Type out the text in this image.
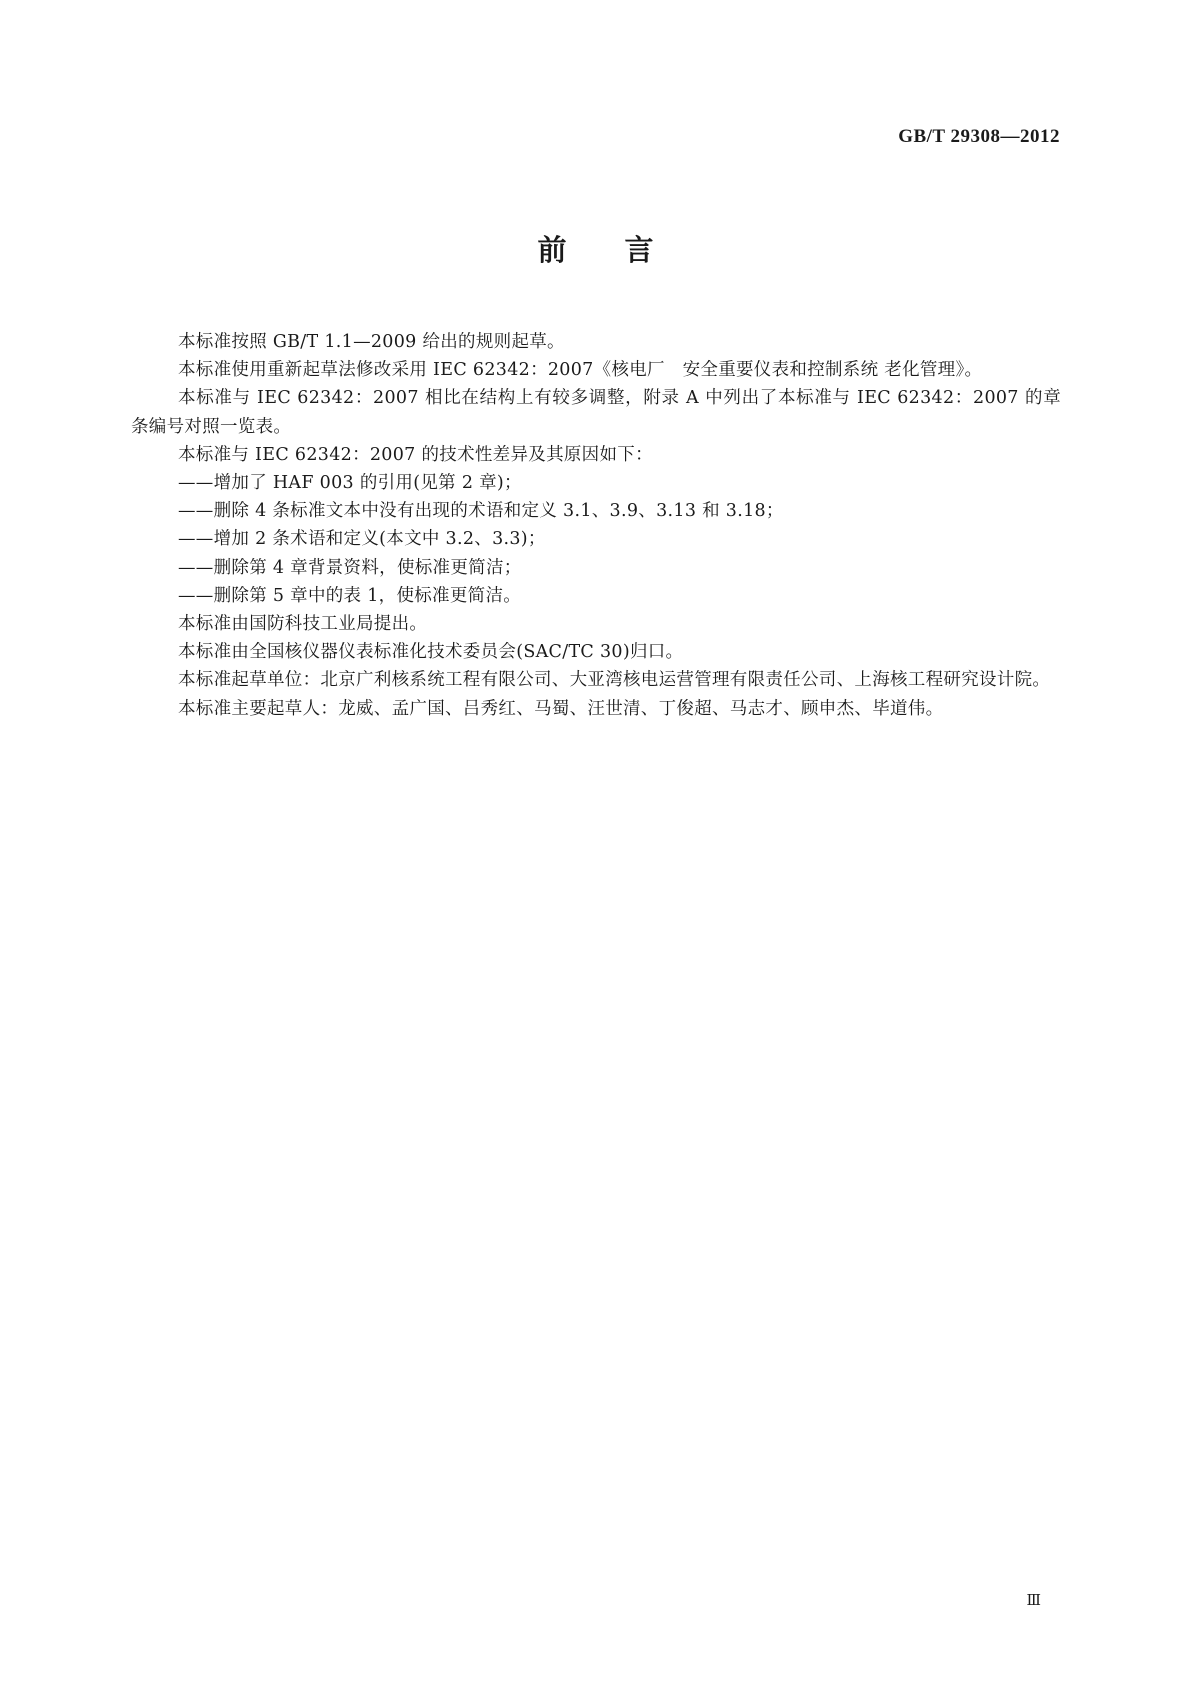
GB/T 29308—2012

前言

本标准按照 GB/T 1.1—2009 给出的规则起草。

本标准使用重新起草法修改采用 IEC 62342：2007《核电厂　安全重要仪表和控制系统 老化管理》。

本标准与 IEC 62342：2007 相比在结构上有较多调整，附录 A 中列出了本标准与 IEC 62342：2007 的章条编号对照一览表。

本标准与 IEC 62342：2007 的技术性差异及其原因如下：

——增加了 HAF 003 的引用(见第 2 章)；

——删除 4 条标准文本中没有出现的术语和定义 3.1、3.9、3.13 和 3.18；

——增加 2 条术语和定义(本文中 3.2、3.3)；

——删除第 4 章背景资料，使标准更简洁；

——删除第 5 章中的表 1，使标准更简洁。

本标准由国防科技工业局提出。

本标准由全国核仪器仪表标准化技术委员会(SAC/TC 30)归口。

本标准起草单位：北京广利核系统工程有限公司、大亚湾核电运营管理有限责任公司、上海核工程研究设计院。

本标准主要起草人：龙威、孟广国、吕秀红、马蜀、汪世清、丁俊超、马志才、顾申杰、毕道伟。

Ⅲ
